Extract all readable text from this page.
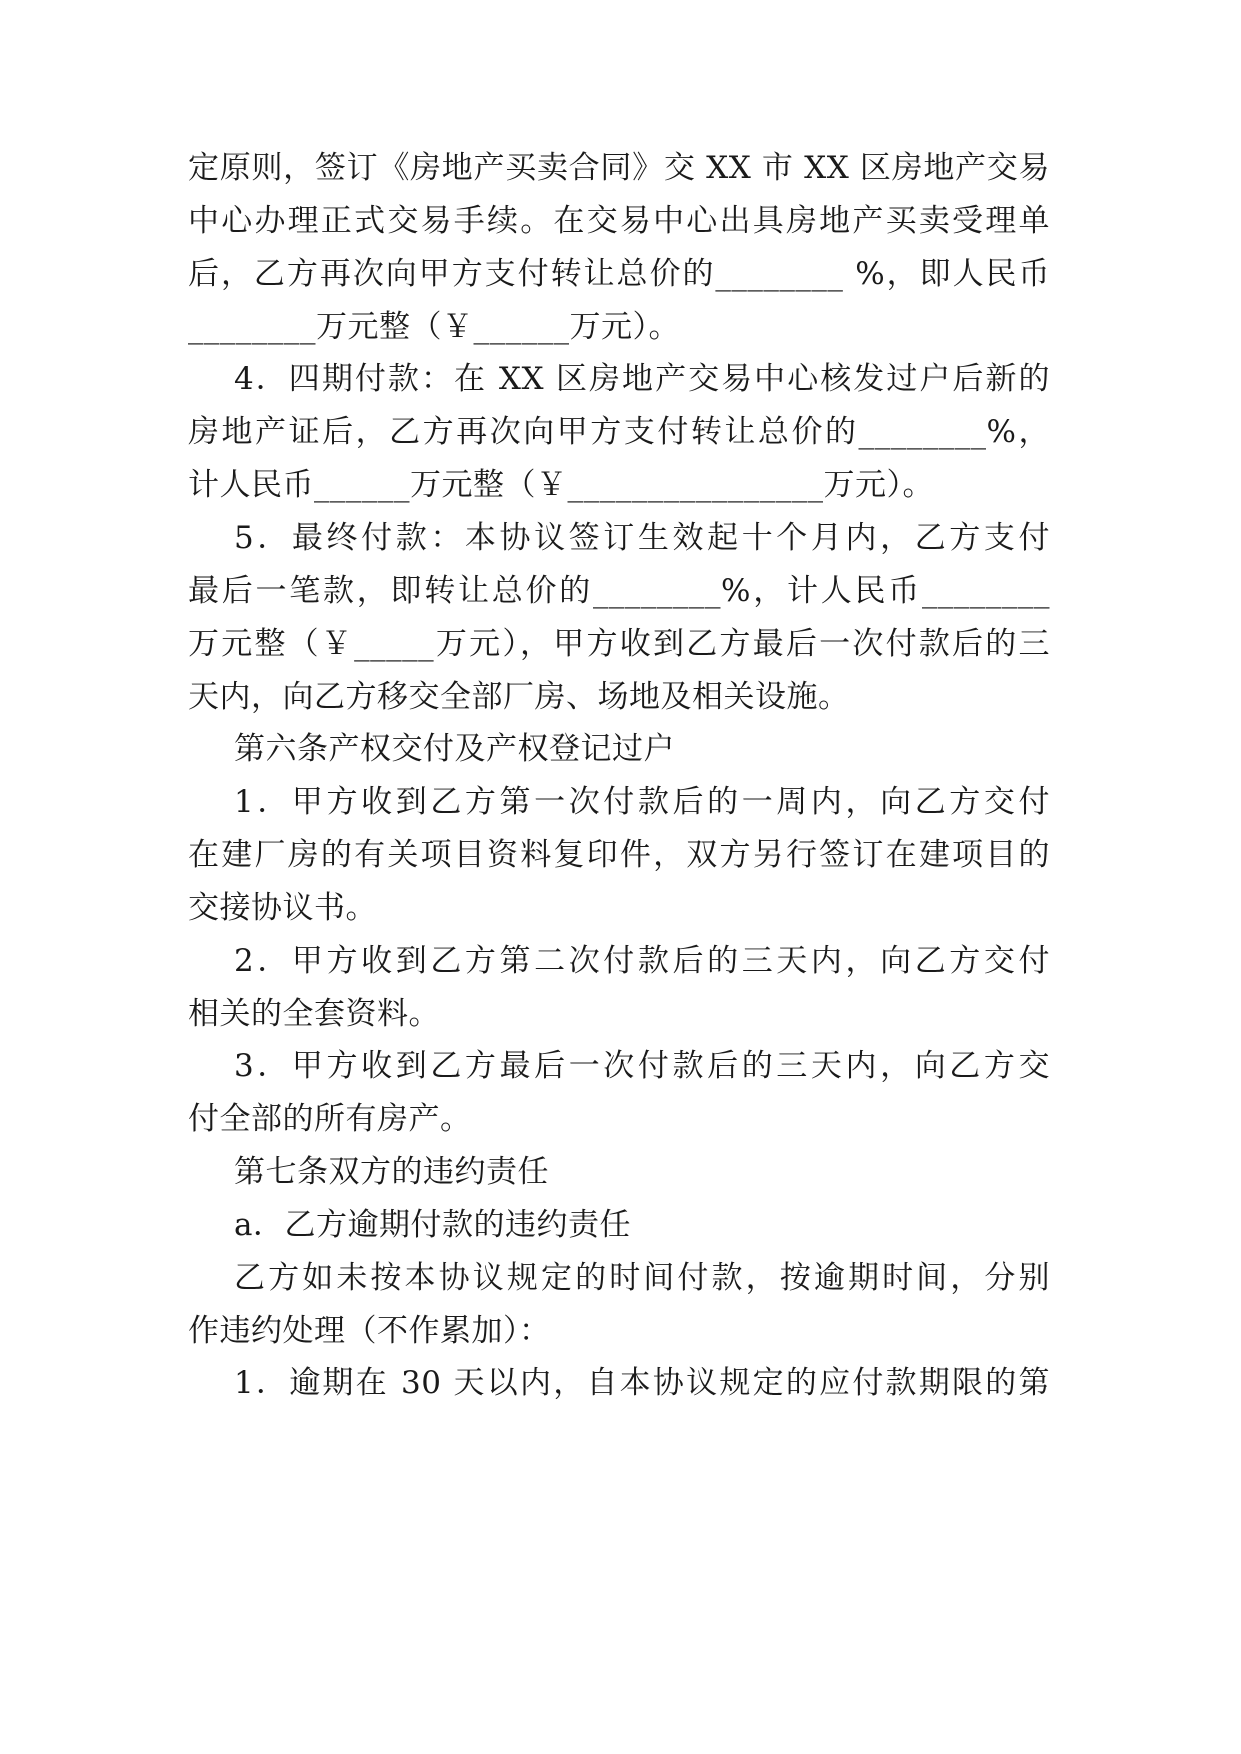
定原则，签订《房地产买卖合同》交 XX 市 XX 区房地产交易
中心办理正式交易手续。在交易中心出具房地产买卖受理单
后，乙方再次向甲方支付转让总价的________ %，即人民币
________万元整（￥______万元）。
4．四期付款：在 XX 区房地产交易中心核发过户后新的
房地产证后，乙方再次向甲方支付转让总价的________%，
计人民币______万元整（￥________________万元）。
5．最终付款：本协议签订生效起十个月内，乙方支付
最后一笔款，即转让总价的________%，计人民币________
万元整（￥_____万元），甲方收到乙方最后一次付款后的三
天内，向乙方移交全部厂房、场地及相关设施。
第六条产权交付及产权登记过户
1．甲方收到乙方第一次付款后的一周内，向乙方交付
在建厂房的有关项目资料复印件，双方另行签订在建项目的
交接协议书。
2．甲方收到乙方第二次付款后的三天内，向乙方交付
相关的全套资料。
3．甲方收到乙方最后一次付款后的三天内，向乙方交
付全部的所有房产。
第七条双方的违约责任
a．乙方逾期付款的违约责任
乙方如未按本协议规定的时间付款，按逾期时间，分别
作违约处理（不作累加）：
1．逾期在 30 天以内，自本协议规定的应付款期限的第
